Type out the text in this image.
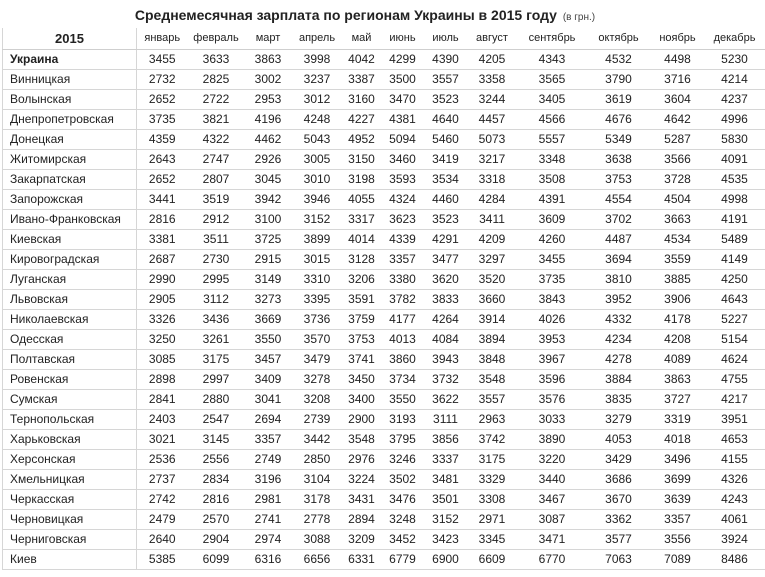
Среднемесячная зарплата по регионам Украины в 2015 году (в грн.)
2015	январь	февраль	март	апрель	май	июнь	июль	август	сентябрь	октябрь	ноябрь	декабрь
Украина	3455	3633	3863	3998	4042	4299	4390	4205	4343	4532	4498	5230
Винницкая	2732	2825	3002	3237	3387	3500	3557	3358	3565	3790	3716	4214
Волынская	2652	2722	2953	3012	3160	3470	3523	3244	3405	3619	3604	4237
Днепропетровская	3735	3821	4196	4248	4227	4381	4640	4457	4566	4676	4642	4996
Донецкая	4359	4322	4462	5043	4952	5094	5460	5073	5557	5349	5287	5830
Житомирская	2643	2747	2926	3005	3150	3460	3419	3217	3348	3638	3566	4091
Закарпатская	2652	2807	3045	3010	3198	3593	3534	3318	3508	3753	3728	4535
Запорожская	3441	3519	3942	3946	4055	4324	4460	4284	4391	4554	4504	4998
Ивано-Франковская	2816	2912	3100	3152	3317	3623	3523	3411	3609	3702	3663	4191
Киевская	3381	3511	3725	3899	4014	4339	4291	4209	4260	4487	4534	5489
Кировоградская	2687	2730	2915	3015	3128	3357	3477	3297	3455	3694	3559	4149
Луганская	2990	2995	3149	3310	3206	3380	3620	3520	3735	3810	3885	4250
Львовская	2905	3112	3273	3395	3591	3782	3833	3660	3843	3952	3906	4643
Николаевская	3326	3436	3669	3736	3759	4177	4264	3914	4026	4332	4178	5227
Одесская	3250	3261	3550	3570	3753	4013	4084	3894	3953	4234	4208	5154
Полтавская	3085	3175	3457	3479	3741	3860	3943	3848	3967	4278	4089	4624
Ровенская	2898	2997	3409	3278	3450	3734	3732	3548	3596	3884	3863	4755
Сумская	2841	2880	3041	3208	3400	3550	3622	3557	3576	3835	3727	4217
Тернопольская	2403	2547	2694	2739	2900	3193	3111	2963	3033	3279	3319	3951
Харьковская	3021	3145	3357	3442	3548	3795	3856	3742	3890	4053	4018	4653
Херсонская	2536	2556	2749	2850	2976	3246	3337	3175	3220	3429	3496	4155
Хмельницкая	2737	2834	3196	3104	3224	3502	3481	3329	3440	3686	3699	4326
Черкасская	2742	2816	2981	3178	3431	3476	3501	3308	3467	3670	3639	4243
Черновицкая	2479	2570	2741	2778	2894	3248	3152	2971	3087	3362	3357	4061
Черниговская	2640	2904	2974	3088	3209	3452	3423	3345	3471	3577	3556	3924
Киев	5385	6099	6316	6656	6331	6779	6900	6609	6770	7063	7089	8486
